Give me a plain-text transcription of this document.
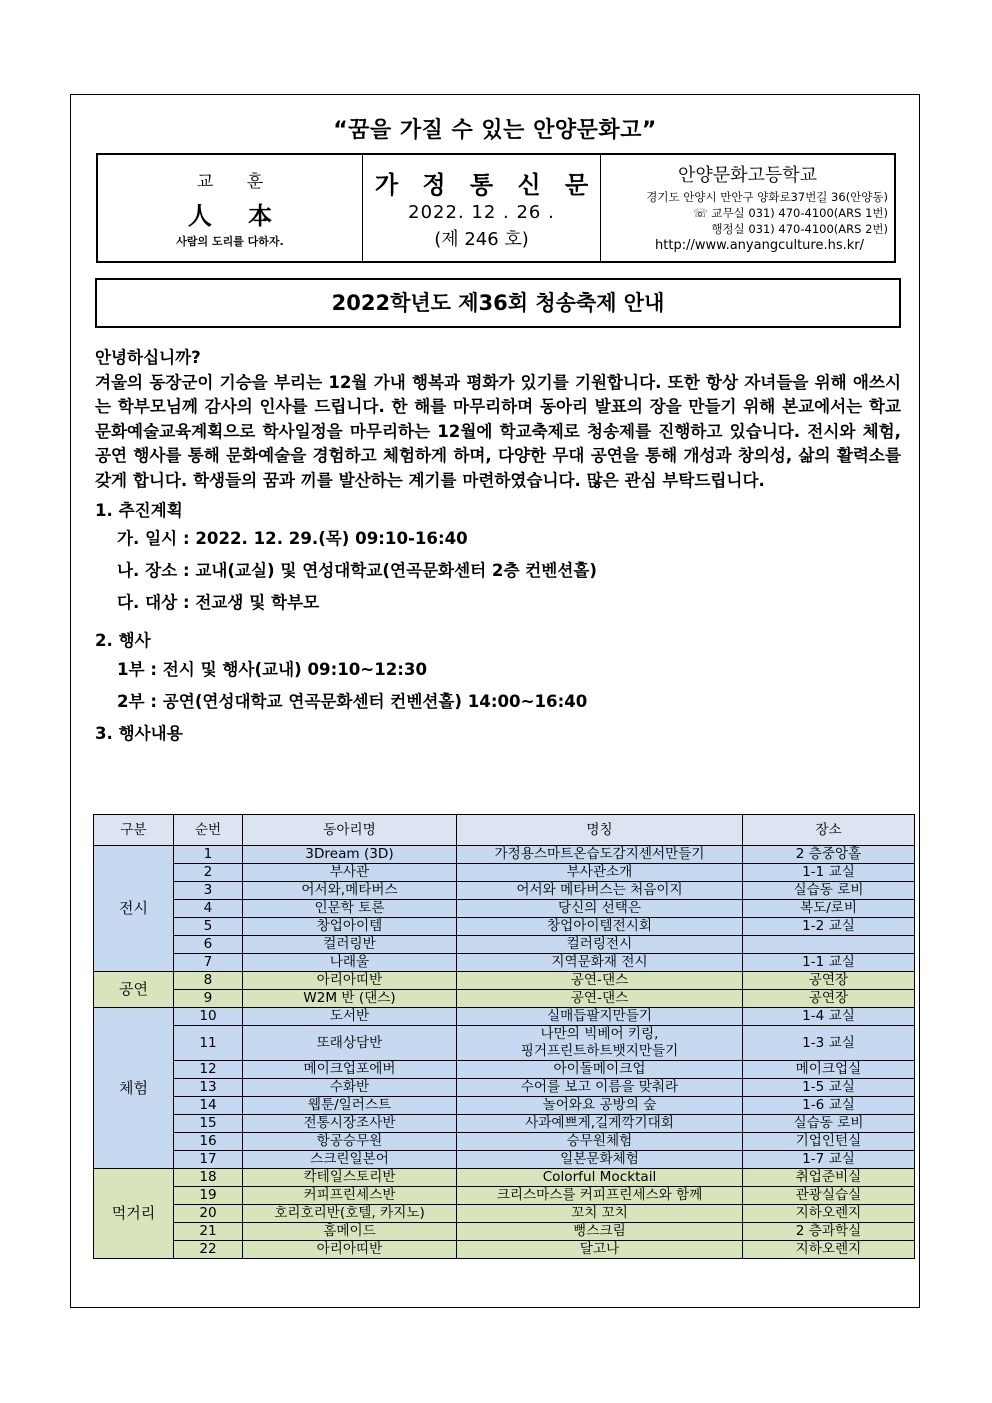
“꿈을 가질 수 있는 안양문화고”
교 훈
人 本
사람의 도리를 다하자.
가 정 통 신 문
2022. 12 . 26 .
(제 246 호)
안양문화고등학교
경기도 안양시 만안구 양화로37번길 36(안양동)
☏ 교무실 031) 470-4100(ARS 1번)
행정실 031) 470-4100(ARS 2번)
http://www.anyangculture.hs.kr/
2022학년도 제36회 청송축제 안내

안녕하십니까?

겨울의 동장군이 기승을 부리는 12월 가내 행복과 평화가 있기를 기원합니다. 또한 항상 자녀들을 위해 애쓰시는 학부모님께 감사의 인사를 드립니다. 한 해를 마무리하며 동아리 발표의 장을 만들기 위해 본교에서는 학교문화예술교육계획으로 학사일정을 마무리하는 12월에 학교축제로 청송제를 진행하고 있습니다. 전시와 체험, 공연 행사를 통해 문화예술을 경험하고 체험하게 하며, 다양한 무대 공연을 통해 개성과 창의성, 삶의 활력소를 갖게 합니다. 학생들의 꿈과 끼를 발산하는 계기를 마련하였습니다. 많은 관심 부탁드립니다.

1. 추진계획

가. 일시 : 2022. 12. 29.(목) 09:10-16:40

나. 장소 : 교내(교실) 및 연성대학교(연곡문화센터 2층 컨벤션홀)

다. 대상 : 전교생 및 학부모

2. 행사

1부 : 전시 및 행사(교내) 09:10~12:30

2부 : 공연(연성대학교 연곡문화센터 컨벤션홀) 14:00~16:40

3. 행사내용

구분	순번	동아리명	명칭	장소
전시	1	3Dream (3D)	가정용스마트온습도감지센서만들기	2 층중앙홀
	2	부사관	부사관소개	1-1 교실
	3	어서와,메타버스	어서와 메타버스는 처음이지	실습동 로비
	4	인문학 토론	당신의 선택은	복도/로비
	5	창업아이템	창업아이템전시회	1-2 교실
	6	컬러링반	컬러링전시	
	7	나래울	지역문화재 전시	1-1 교실
공연	8	아리아띠반	공연-댄스	공연장
	9	W2M 반 (댄스)	공연-댄스	공연장
체험	10	도서반	실매듭팔지만들기	1-4 교실
	11	또래상담반	나만의 빅베어 키링,
핑거프린트하트뱃지만들기	1-3 교실
	12	메이크업포에버	아이돌메이크업	메이크업실
	13	수화반	수어를 보고 이름을 맞춰라	1-5 교실
	14	웹툰/일러스트	놀어와요 공방의 숲	1-6 교실
	15	전통시장조사반	사과예쁘게,길게깍기대회	실습동 로비
	16	항공승무원	승무원체험	기업인턴실
	17	스크린일본어	일본문화체험	1-7 교실
먹거리	18	칵테일스토리반	Colorful Mocktail	취업준비실
	19	커피프린세스반	크리스마스를 커피프린세스와 함께	관광실습실
	20	호리호리반(호텔, 카지노)	꼬치 꼬치	지하오렌지
	21	홈메이드	뻥스크림	2 층과학실
	22	아리아띠반	달고나	지하오렌지
